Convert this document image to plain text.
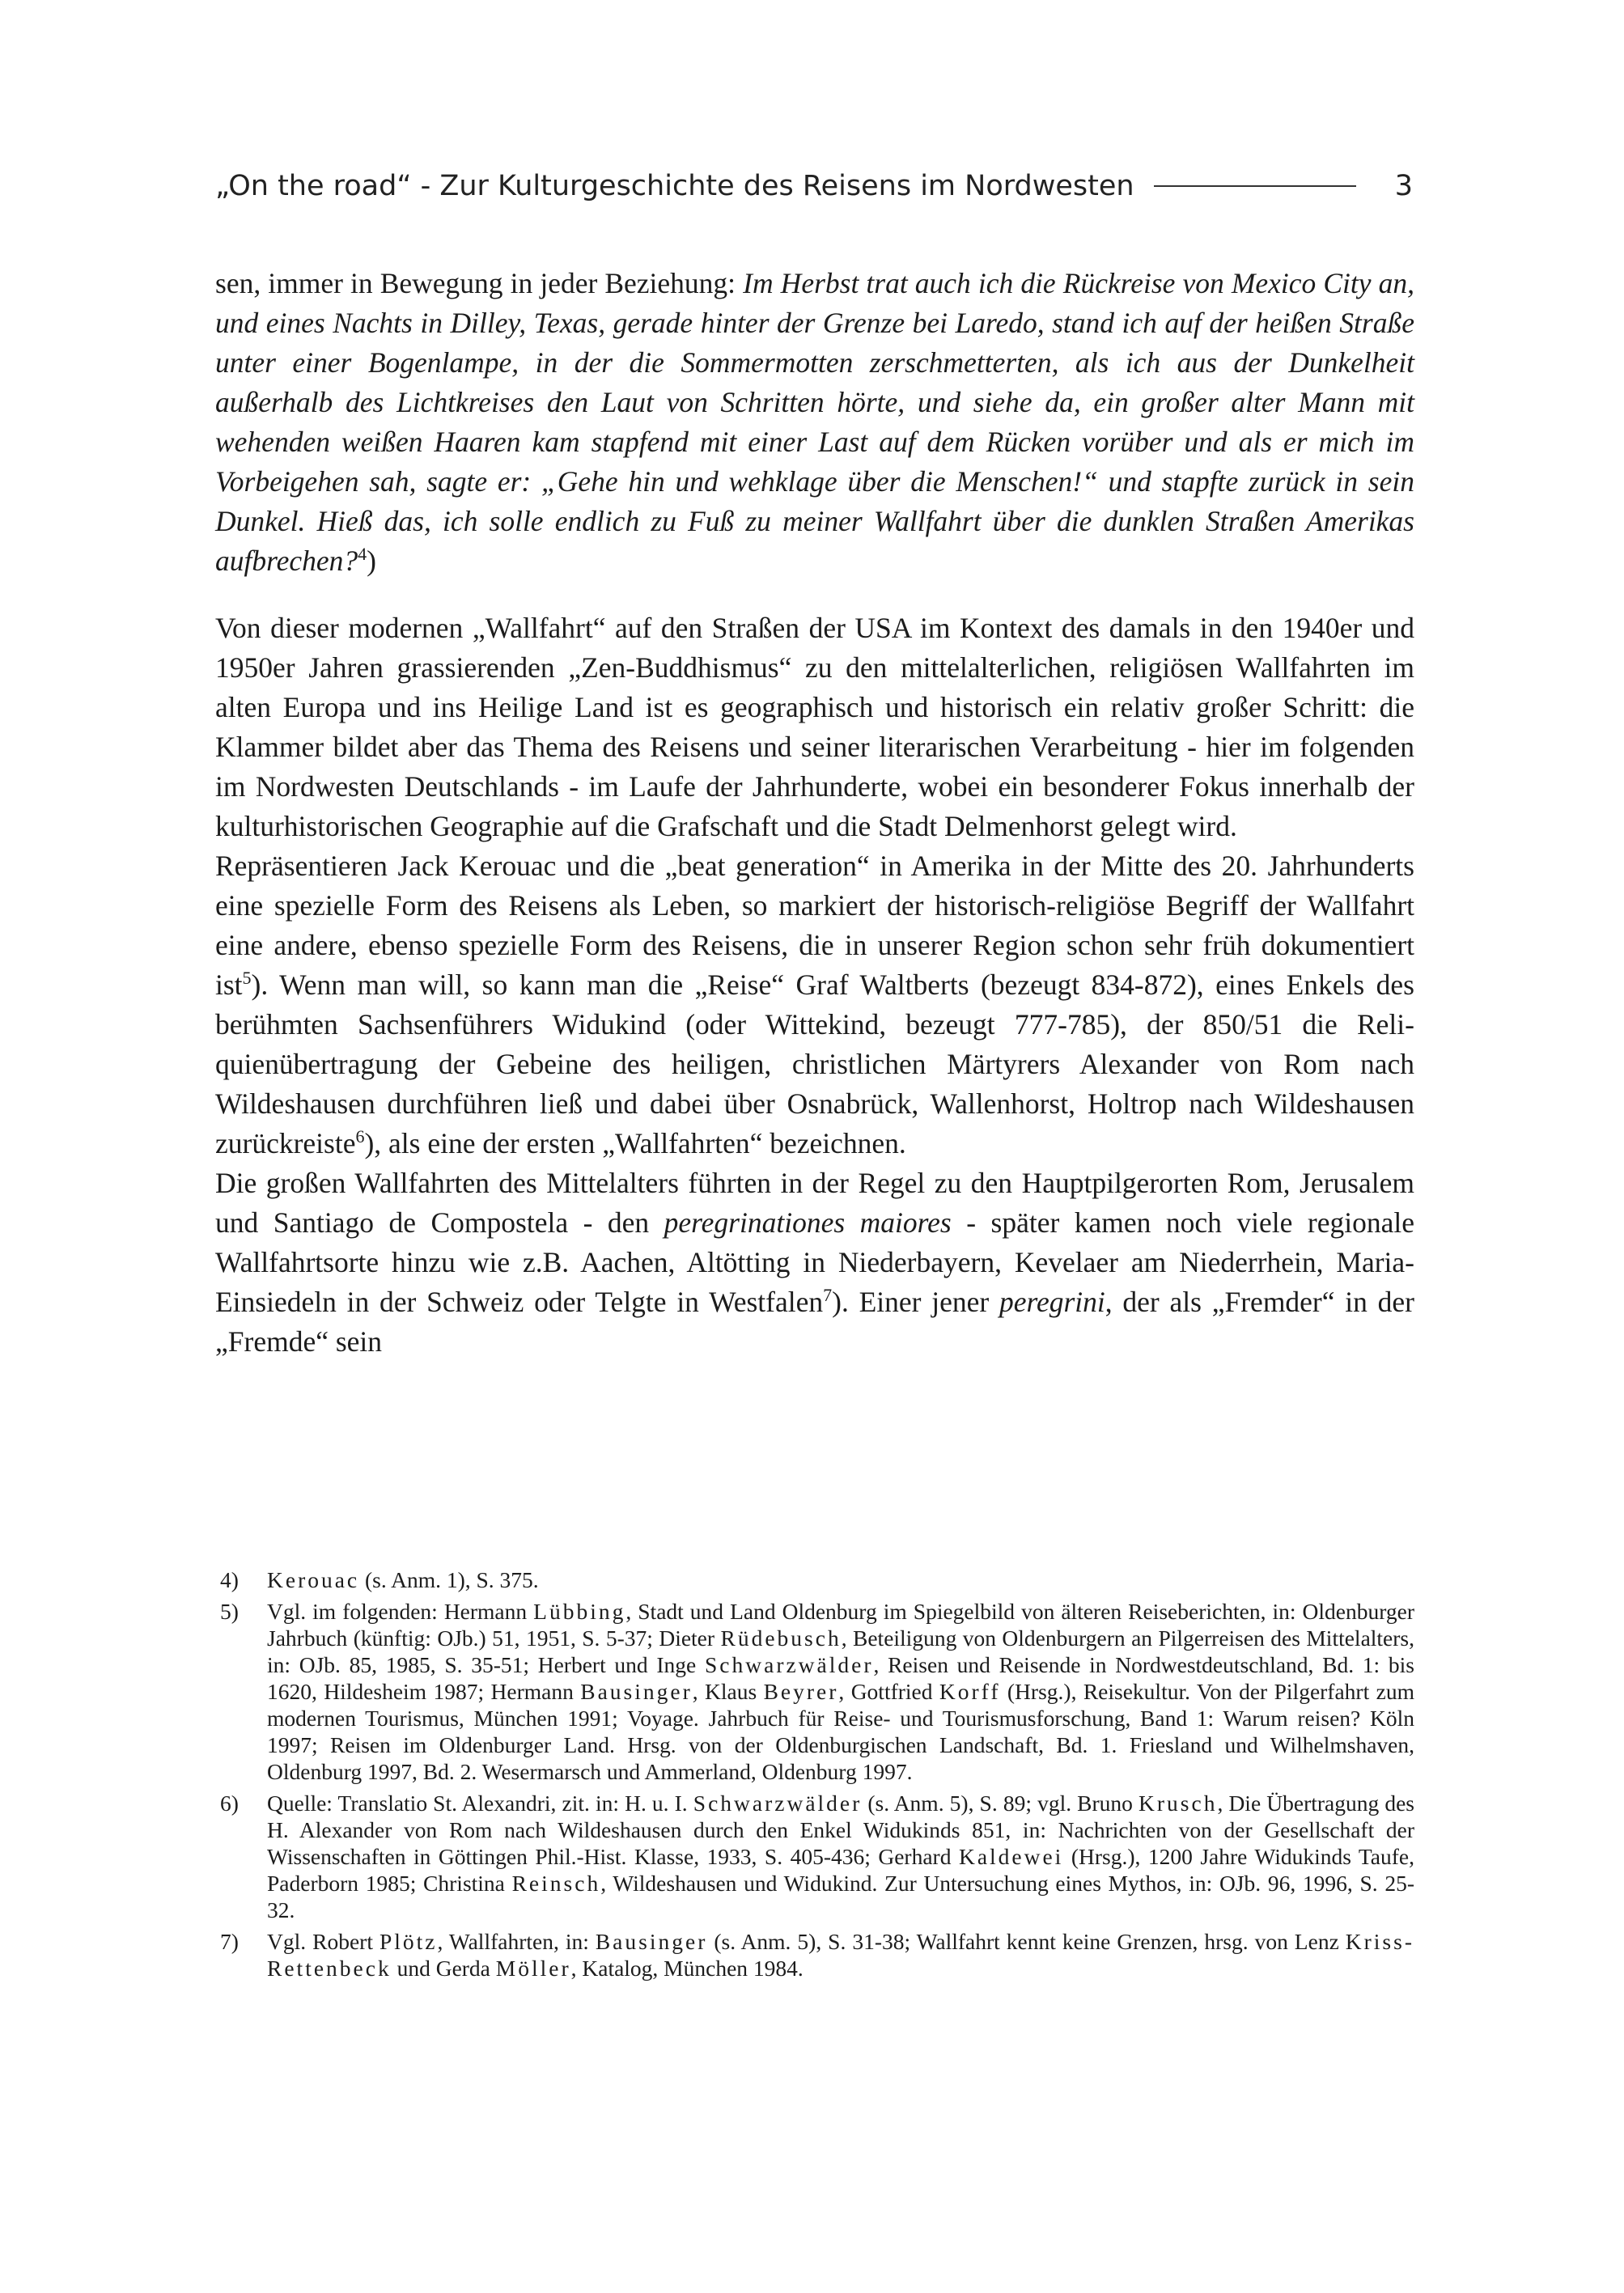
„On the road“ - Zur Kulturgeschichte des Reisens im Nordwesten	3
sen, immer in Bewegung in jeder Beziehung: Im Herbst trat auch ich die Rückreise von Mexico City an, und eines Nachts in Dilley, Texas, gerade hinter der Grenze bei Laredo, stand ich auf der heißen Straße unter einer Bogenlampe, in der die Sommermotten zerschmetterten, als ich aus der Dunkelheit außerhalb des Lichtkreises den Laut von Schritten hörte, und siehe da, ein großer alter Mann mit wehenden weißen Haaren kam stapfend mit einer Last auf dem Rücken vorüber und als er mich im Vorbeigehen sah, sagte er: „Gehe hin und wehklage über die Menschen!“ und stapfte zurück in sein Dunkel. Hieß das, ich solle endlich zu Fuß zu meiner Wallfahrt über die dunklen Straßen Amerikas aufbrechen?$^4$)

Von dieser modernen „Wallfahrt“ auf den Straßen der USA im Kontext des damals in den 1940er und 1950er Jahren grassierenden „Zen-Buddhismus“ zu den mittelalterlichen, religiösen Wallfahrten im alten Europa und ins Heilige Land ist es geographisch und historisch ein relativ großer Schritt: die Klammer bildet aber das Thema des Reisens und seiner literarischen Verarbeitung - hier im folgenden im Nordwesten Deutschlands - im Laufe der Jahrhunderte, wobei ein besonderer Fokus innerhalb der kulturhistorischen Geographie auf die Grafschaft und die Stadt Delmenhorst gelegt wird.

Repräsentieren Jack Kerouac und die „beat generation“ in Amerika in der Mitte des 20. Jahrhunderts eine spezielle Form des Reisens als Leben, so markiert der historisch-religiöse Begriff der Wallfahrt eine andere, ebenso spezielle Form des Reisens, die in unserer Region schon sehr früh dokumentiert ist$^5$). Wenn man will, so kann man die „Reise“ Graf Waltberts (bezeugt 834-872), eines Enkels des berühmten Sachsenführers Widukind (oder Wittekind, bezeugt 777-785), der 850/51 die Reliquienübertragung der Gebeine des heiligen, christlichen Märtyrers Alexander von Rom nach Wildeshausen durchführen ließ und dabei über Osnabrück, Wallenhorst, Holtrop nach Wildeshausen zurückreiste$^6$), als eine der ersten „Wallfahrten“ bezeichnen.

Die großen Wallfahrten des Mittelalters führten in der Regel zu den Hauptpilgerorten Rom, Jerusalem und Santiago de Compostela - den peregrinationes maiores - später kamen noch viele regionale Wallfahrtsorte hinzu wie z.B. Aachen, Altötting in Niederbayern, Kevelaer am Niederrhein, Maria-Einsiedeln in der Schweiz oder Telgte in Westfalen$^7$). Einer jener peregrini, der als „Fremder“ in der „Fremde“ sein

4)	Kerouac (s. Anm. 1), S. 375.
5)	Vgl. im folgenden: Hermann Lübbing, Stadt und Land Oldenburg im Spiegelbild von älteren Reiseberichten, in: Oldenburger Jahrbuch (künftig: OJb.) 51, 1951, S. 5-37; Dieter Rüdebusch, Beteiligung von Oldenburgern an Pilgerreisen des Mittelalters, in: OJb. 85, 1985, S. 35-51; Herbert und Inge Schwarzwälder, Reisen und Reisende in Nordwestdeutschland, Bd. 1: bis 1620, Hildesheim 1987; Hermann Bausinger, Klaus Beyrer, Gottfried Korff (Hrsg.), Reisekultur. Von der Pilgerfahrt zum modernen Tourismus, München 1991; Voyage. Jahrbuch für Reise- und Tourismusforschung, Band 1: Warum reisen? Köln 1997; Reisen im Oldenburger Land. Hrsg. von der Oldenburgischen Landschaft, Bd. 1. Friesland und Wilhelmshaven, Oldenburg 1997, Bd. 2. Wesermarsch und Ammerland, Oldenburg 1997.
6)	Quelle: Translatio St. Alexandri, zit. in: H. u. I. Schwarzwälder (s. Anm. 5), S. 89; vgl. Bruno Krusch, Die Übertragung des H. Alexander von Rom nach Wildeshausen durch den Enkel Widukinds 851, in: Nachrichten von der Gesellschaft der Wissenschaften in Göttingen Phil.-Hist. Klasse, 1933, S. 405-436; Gerhard Kaldewei (Hrsg.), 1200 Jahre Widukinds Taufe, Paderborn 1985; Christina Reinsch, Wildeshausen und Widukind. Zur Untersuchung eines Mythos, in: OJb. 96, 1996, S. 25-32.
7)	Vgl. Robert Plötz, Wallfahrten, in: Bausinger (s. Anm. 5), S. 31-38; Wallfahrt kennt keine Grenzen, hrsg. von Lenz Kriss-Rettenbeck und Gerda Möller, Katalog, München 1984.
